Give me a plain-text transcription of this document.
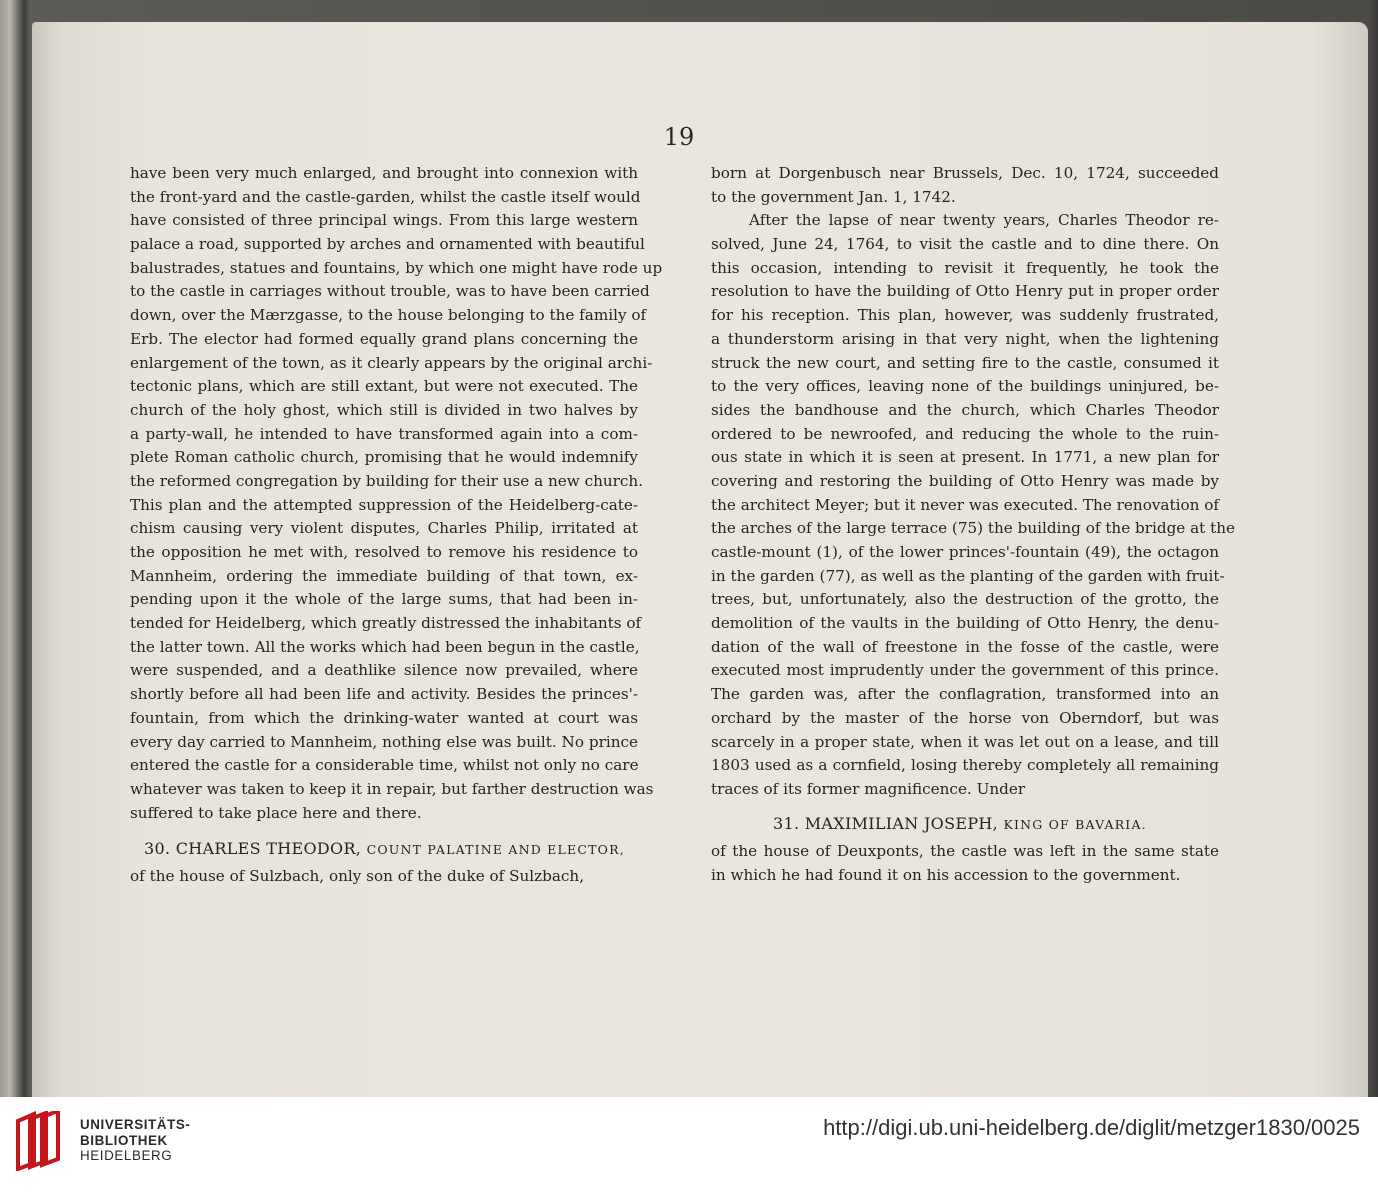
19
have been very much enlarged, and brought into connexion with
the front-yard and the castle-garden, whilst the castle itself would
have consisted of three principal wings. From this large western
palace a road, supported by arches and ornamented with beautiful
balustrades, statues and fountains, by which one might have rode up
to the castle in carriages without trouble, was to have been carried
down, over the Mærzgasse, to the house belonging to the family of
Erb. The elector had formed equally grand plans concerning the
enlargement of the town, as it clearly appears by the original archi-
tectonic plans, which are still extant, but were not executed. The
church of the holy ghost, which still is divided in two halves by
a party-wall, he intended to have transformed again into a com-
plete Roman catholic church, promising that he would indemnify
the reformed congregation by building for their use a new church.
This plan and the attempted suppression of the Heidelberg-cate-
chism causing very violent disputes, Charles Philip, irritated at
the opposition he met with, resolved to remove his residence to
Mannheim, ordering the immediate building of that town, ex-
pending upon it the whole of the large sums, that had been in-
tended for Heidelberg, which greatly distressed the inhabitants of
the latter town. All the works which had been begun in the castle,
were suspended, and a deathlike silence now prevailed, where
shortly before all had been life and activity. Besides the princes'-
fountain, from which the drinking-water wanted at court was
every day carried to Mannheim, nothing else was built. No prince
entered the castle for a considerable time, whilst not only no care
whatever was taken to keep it in repair, but farther destruction was
suffered to take place here and there.
30. CHARLES THEODOR, COUNT PALATINE AND ELECTOR,
of the house of Sulzbach, only son of the duke of Sulzbach,
born at Dorgenbusch near Brussels, Dec. 10, 1724, succeeded
to the government Jan. 1, 1742.
After the lapse of near twenty years, Charles Theodor re-
solved, June 24, 1764, to visit the castle and to dine there. On
this occasion, intending to revisit it frequently, he took the
resolution to have the building of Otto Henry put in proper order
for his reception. This plan, however, was suddenly frustrated,
a thunderstorm arising in that very night, when the lightening
struck the new court, and setting fire to the castle, consumed it
to the very offices, leaving none of the buildings uninjured, be-
sides the bandhouse and the church, which Charles Theodor
ordered to be newroofed, and reducing the whole to the ruin-
ous state in which it is seen at present. In 1771, a new plan for
covering and restoring the building of Otto Henry was made by
the architect Meyer; but it never was executed. The renovation of
the arches of the large terrace (75) the building of the bridge at the
castle-mount (1), of the lower princes'-fountain (49), the octagon
in the garden (77), as well as the planting of the garden with fruit-
trees, but, unfortunately, also the destruction of the grotto, the
demolition of the vaults in the building of Otto Henry, the denu-
dation of the wall of freestone in the fosse of the castle, were
executed most imprudently under the government of this prince.
The garden was, after the conflagration, transformed into an
orchard by the master of the horse von Oberndorf, but was
scarcely in a proper state, when it was let out on a lease, and till
1803 used as a cornfield, losing thereby completely all remaining
traces of its former magnificence. Under
31. MAXIMILIAN JOSEPH, KING OF BAVARIA.
of the house of Deuxponts, the castle was left in the same state
in which he had found it on his accession to the government.
UNIVERSITÄTS-
BIBLIOTHEK
HEIDELBERG
http://digi.ub.uni-heidelberg.de/diglit/metzger1830/0025
